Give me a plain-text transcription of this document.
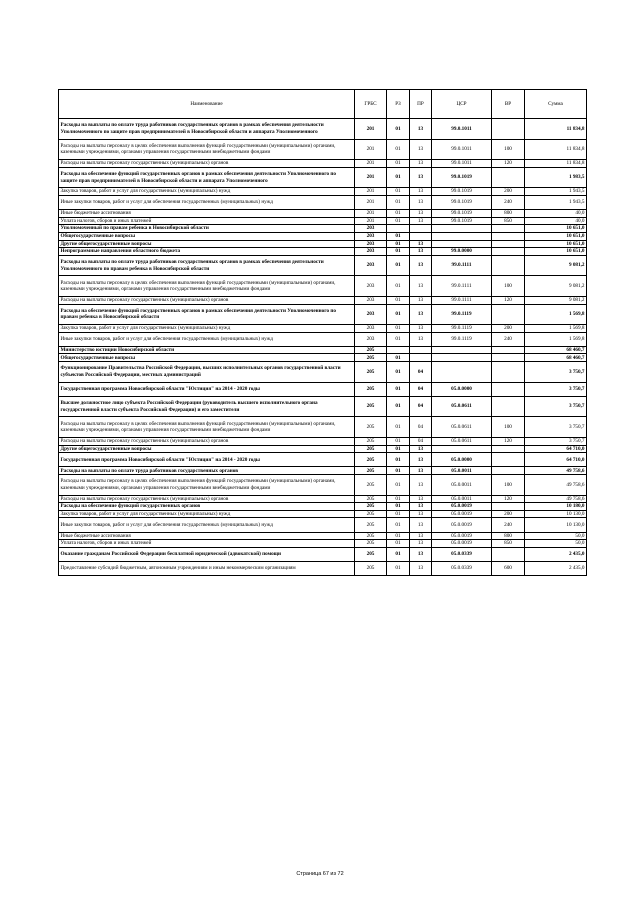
Наименование	ГРБС	РЗ	ПР	ЦСР	ВР	Сумма
Расходы на выплаты по оплате труда работников государственных органов в рамках обеспечения деятельности Уполномоченного по защите прав предпринимателей в Новосибирской области и аппарата Уполномоченного	201	01	13	99.0.1011		11 834,8
Расходы на выплаты персоналу в целях обеспечения выполнения функций государственными (муниципальными) органами, казенными учреждениями, органами управления государственными внебюджетными фондами	201	01	13	99.0.1011	100	11 834,8
Расходы на выплаты персоналу государственных (муниципальных) органов	201	01	13	99.0.1011	120	11 834,8
Расходы на обеспечение функций государственных органов в рамках обеспечения деятельности Уполномоченного по защите прав предпринимателей в Новосибирской области и аппарата Уполномоченного	201	01	13	99.0.1019		1 983,5
Закупка товаров, работ и услуг для государственных (муниципальных) нужд	201	01	13	99.0.1019	200	1 943,5
Иные закупки товаров, работ и услуг для обеспечения государственных (муниципальных) нужд	201	01	13	99.0.1019	240	1 943,5
Иные бюджетные ассигнования	201	01	13	99.0.1019	800	40,0
Уплата налогов, сборов и иных платежей	201	01	13	99.0.1019	850	40,0
Уполномоченный по правам ребенка в Новосибирской области	203					10 651,0
Общегосударственные вопросы	203	01				10 651,0
Другие общегосударственные вопросы	203	01	13			10 651,0
Непрограммные направления областного бюджета	203	01	13	99.0.0000		10 651,0
Расходы на выплаты по оплате труда работников государственных органов в рамках обеспечения деятельности Уполномоченного по правам ребенка в Новосибирской области	203	01	13	99.0.1111		9 081,2
Расходы на выплаты персоналу в целях обеспечения выполнения функций государственными (муниципальными) органами, казенными учреждениями, органами управления государственными внебюджетными фондами	203	01	13	99.0.1111	100	9 081,2
Расходы на выплаты персоналу государственных (муниципальных) органов	203	01	13	99.0.1111	120	9 081,2
Расходы на обеспечение функций государственных органов в рамках обеспечения деятельности Уполномоченного по правам ребенка в Новосибирской области	203	01	13	99.0.1119		1 569,8
Закупка товаров, работ и услуг для государственных (муниципальных) нужд	203	01	13	99.0.1119	200	1 569,8
Иные закупки товаров, работ и услуг для обеспечения государственных (муниципальных) нужд	203	01	13	99.0.1119	240	1 569,8
Министерство юстиции Новосибирской области	205					68 460,7
Общегосударственные вопросы	205	01				68 460,7
Функционирование Правительства Российской Федерации, высших исполнительных органов государственной власти субъектов Российской Федерации, местных администраций	205	01	04			3 750,7
Государственная программа Новосибирской области "Юстиция" на 2014 - 2020 годы	205	01	04	05.0.0000		3 750,7
Высшее должностное лицо субъекта Российской Федерации (руководитель высшего исполнительного органа государственной власти субъекта Российской Федерации) и его заместители	205	01	04	05.0.0611		3 750,7
Расходы на выплаты персоналу в целях обеспечения выполнения функций государственными (муниципальными) органами, казенными учреждениями, органами управления государственными внебюджетными фондами	205	01	04	05.0.0611	100	3 750,7
Расходы на выплаты персоналу государственных (муниципальных) органов	205	01	04	05.0.0611	120	3 750,7
Другие общегосударственные вопросы	205	01	13			64 710,0
Государственная программа Новосибирской области "Юстиция" на 2014 - 2020 годы	205	01	13	05.0.0000		64 710,0
Расходы на выплаты по оплате труда работников государственных органов	205	01	13	05.0.0011		49 758,6
Расходы на выплаты персоналу в целях обеспечения выполнения функций государственными (муниципальными) органами, казенными учреждениями, органами управления государственными внебюджетными фондами	205	01	13	05.0.0011	100	49 758,6
Расходы на выплаты персоналу государственных (муниципальных) органов	205	01	13	05.0.0011	120	49 758,6
Расходы на обеспечение функций государственных органов	205	01	13	05.0.0019		10 180,0
Закупка товаров, работ и услуг для государственных (муниципальных) нужд	205	01	13	05.0.0019	200	10 130,0
Иные закупки товаров, работ и услуг для обеспечения государственных (муниципальных) нужд	205	01	13	05.0.0019	240	10 130,0
Иные бюджетные ассигнования	205	01	13	05.0.0019	800	50,0
Уплата налогов, сборов и иных платежей	205	01	13	05.0.0019	850	50,0
Оказание гражданам Российской Федерации бесплатной юридической (адвокатской) помощи	205	01	13	05.0.0339		2 435,0
Предоставление субсидий бюджетным, автономным учреждениям и иным некоммерческим организациям	205	01	13	05.0.0339	600	2 435,0
Страница 67 из 72
